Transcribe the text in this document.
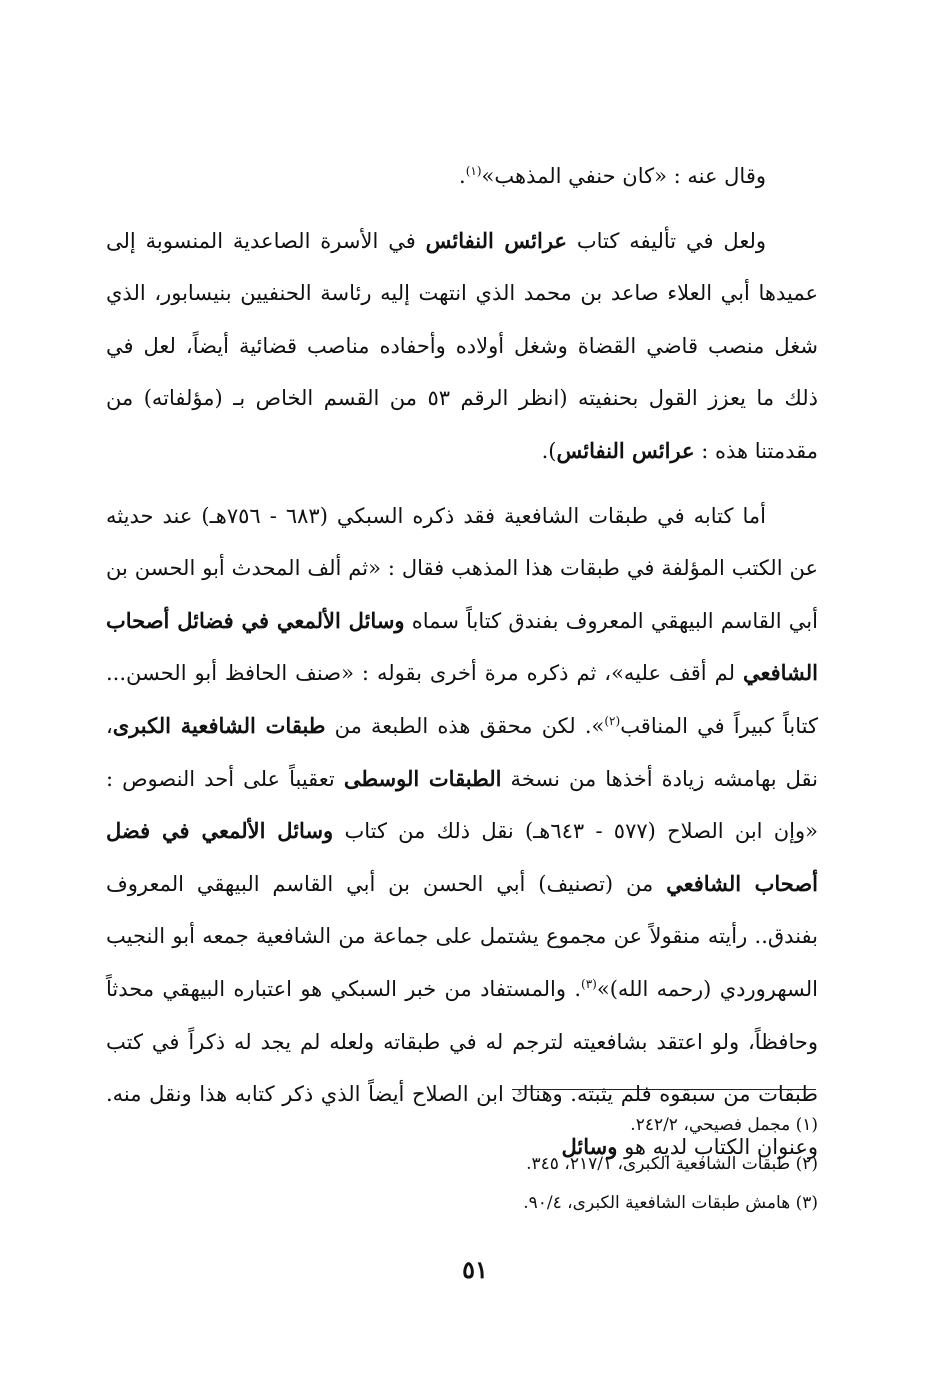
وقال عنه : «كان حنفي المذهب»$^{(١)}$.

ولعل في تأليفه كتاب عرائس النفائس في الأسرة الصاعدية المنسوبة إلى عميدها أبي العلاء صاعد بن محمد الذي انتهت إليه رئاسة الحنفيين بنيسابور، الذي شغل منصب قاضي القضاة وشغل أولاده وأحفاده مناصب قضائية أيضاً، لعل في ذلك ما يعزز القول بحنفيته (انظر الرقم ٥٣ من القسم الخاص بـ (مؤلفاته) من مقدمتنا هذه : عرائس النفائس).

أما كتابه في طبقات الشافعية فقد ذكره السبكي (٦٨٣ - ٧٥٦هـ) عند حديثه عن الكتب المؤلفة في طبقات هذا المذهب فقال : «ثم ألف المحدث أبو الحسن بن أبي القاسم البيهقي المعروف بفندق كتاباً سماه وسائل الألمعي في فضائل أصحاب الشافعي لم أقف عليه»، ثم ذكره مرة أخرى بقوله : «صنف الحافظ أبو الحسن... كتاباً كبيراً في المناقب$^{(٢)}$». لكن محقق هذه الطبعة من طبقات الشافعية الكبرى، نقل بهامشه زيادة أخذها من نسخة الطبقات الوسطى تعقيباً على أحد النصوص : «وإن ابن الصلاح (٥٧٧ - ٦٤٣هـ) نقل ذلك من كتاب وسائل الألمعي في فضل أصحاب الشافعي من (تصنيف) أبي الحسن بن أبي القاسم البيهقي المعروف بفندق.. رأيته منقولاً عن مجموع يشتمل على جماعة من الشافعية جمعه أبو النجيب السهروردي (رحمه الله)»$^{(٣)}$. والمستفاد من خبر السبكي هو اعتباره البيهقي محدثاً وحافظاً، ولو اعتقد بشافعيته لترجم له في طبقاته ولعله لم يجد له ذكراً في كتب طبقات من سبقوه فلم يثبته. وهناك ابن الصلاح أيضاً الذي ذكر كتابه هذا ونقل منه. وعنوان الكتاب لديه هو وسائل

(١) مجمل فصيحي، ٢٤٢/٢.

(٢) طبقات الشافعية الكبرى، ٢١٧/١، ٣٤٥.

(٣) هامش طبقات الشافعية الكبرى، ٩٠/٤.

٥١
